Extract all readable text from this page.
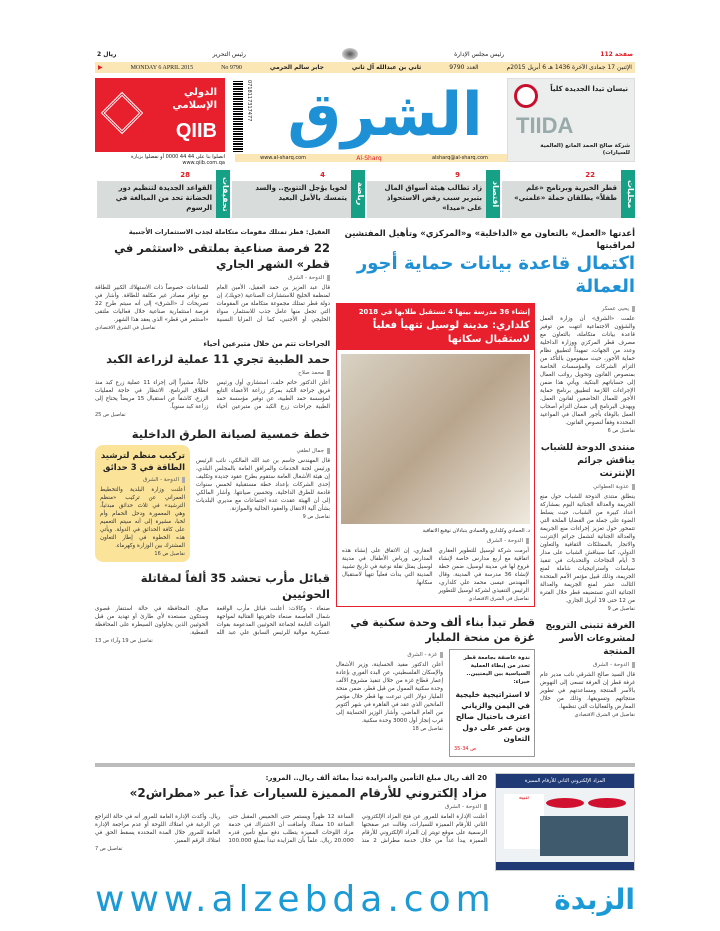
112 صفحة
رئيس مجلس الإدارة
رئيس التحرير
ريال 2
الإثنين 17 جمادى الآخرة 1436 هـ 6 أبريل 2015م
العدد 9790
ثاني بن عبدالله آل ثاني
جابر سالم الحرمي
No 9790
MONDAY 6 APRIL 2015
▶
الدولي الإسلامي
QIIB
اتصلوا بنا على 44 44 0000 أو تفضلوا بزيارة www.qiib.com.qa
07181173174​77 الشرق
www.al-sharq.com	Al-Sharq	alsharq@al-sharq.com
نيسان تيدا الجديدة كلياً
TIIDA
شركة صالح الحمد المانع (العالمية للسيارات)
22
محليات
قطر الخيرية وبرنامج «علم طفلاً» يطلقان حملة «علمني»
9
اقتصاد
زاد تطالب هيئة أسواق المال بتبرير سبب رفض الاستحواذ على «ميدا»
4
رياضة
لخويا يؤجل التتويج.. والسد يتمسك بالأمل البعيد
28
تحقيقات
القواعد الجديدة لتنظيم دور الحضانة تحد من المبالغة في الرسوم
أعدتها «العمل» بالتعاون مع «الداخلية» و«المركزي» وتأهيل المفتشين لمراقبتها
اكتمال قاعدة بيانات حماية أجور العمالة
يحيى عسكر

علمت «الشرق» أن وزارة العمل والشؤون الاجتماعية انتهت من توفير قاعدة بيانات متكاملة، بالتعاون مع مصرف قطر المركزي ووزارة الداخلية وعدد من الجهات، تمهيداً لتطبيق نظام حماية الأجور، حيث سيقومون بالتأكد من التزام الشركات والمؤسسات الخاصة بمنصوص القانون وتحويل رواتب العمال إلى حساباتهم البنكية. ويأتي هذا ضمن الإجراءات اللازمة لتطبيق برنامج حماية الأجور للعمال الخاضعين لقانون العمل، ويهدف البرنامج إلى ضمان التزام أصحاب العمل بالوفاء بأجور العمال في المواعيد المحددة وفقاً لنصوص القانون.

تفاصيل ص 6
منتدى الدوحة للشباب يناقش جرائم الإنترنت
عذوبة العطواني

ينطلق منتدى الدوحة للشباب حول منع الجريمة والعدالة الجنائية اليوم بمشاركة أعداد كبيرة من الشباب، حيث يسلط الضوء على جملة من القضايا الملحة التي تتمحور حول تعزيز إجراءات منع الجريمة والعدالة الجنائية لتشمل جرائم الإنترنت والاتجار بالممتلكات الثقافية والتعاون الدولي، كما سيناقش الشباب على مدار 3 أيام النجاحات والتحديات في تنفيذ سياسات واستراتيجيات شاملة لمنع الجريمة، وذلك قبيل مؤتمر الأمم المتحدة الثالث عشر لمنع الجريمة والعدالة الجنائية الذي تستضيفه قطر خلال الفترة من 12 حتى 19 أبريل الجاري.

تفاصيل ص 9
الغرفة تتبنى الترويج لمشروعات الأسر المنتجة
الدوحة - الشرق

قال السيد صالح الشرقي نائب مدير عام غرفة قطر إن الغرفة تسعى إلى النهوض بالأسر المنتجة ومساعدتهم في تطوير منتجاتهم وتسويقها، وذلك من خلال المعارض والفعاليات التي تنظمها.

تفاصيل في الشرق الاقتصادي
إنشاء 36 مدرسة بينها 4 تستقبل طلابها في 2018
كلداري: مدينة لوسيل تتهيأ فعلياً لاستقبال سكانها
د. الحمادي وكلداري والحمادي يتبادلان توقيع الاتفاقية
الدوحة - الشرق

أبرمت شركة لوسيل للتطوير العقاري اتفاقية مع أربع مدارس خاصة لإنشاء فروع لها في مدينة لوسيل، ضمن خطة لإنشاء 36 مدرسة في المدينة. وقال المهندس عيسى محمد علي كلداري، الرئيس التنفيذي لشركة لوسيل للتطوير العقاري، إن الاتفاق على إنشاء هذه المدارس ورياض الأطفال في مدينة لوسيل يمثل نقلة نوعية في تاريخ تشييد المدينة التي بدأت فعلياً تتهيأ لاستقبال سكانها.

تفاصيل في الشرق الاقتصادي
قطر تبدأ بناء ألف وحدة سكنية في غزة من منحة المليار
ندوة عاصفة بجامعة قطر تحذر من إبطاء العملية السياسية بين اليمنيين.. خبراء:
لا استراتيجية خليجية في اليمن والزياني اعترف باحتيال صالح وبن عمر على دول التعاون
ص 34-35
غزة - الشرق

أعلن الدكتور مفيد الحساينة، وزير الأشغال والإسكان الفلسطيني، عن البدء الفوري بإعادة إعمار قطاع غزة من خلال تنفيذ مشروع الألف وحدة سكنية الممول من قبل قطر، ضمن منحة المليار دولار التي تبرعت بها قطر خلال مؤتمر المانحين الذي عقد في القاهرة في شهر أكتوبر من العام الماضي. وأشار الوزير الحساينة إلى قرب إنجاز أول 3000 وحدة سكنية.

تفاصيل ص 18
العقيل: قطر تمتلك مقومات متكاملة لجذب الاستثمارات الأجنبية
22 فرصة صناعية بملتقى «استثمر في قطر» الشهر الجاري
الدوحة - الشرق

قال عبد العزيز بن حمد العقيل، الأمين العام لمنظمة الخليج للاستشارات الصناعية (جويك)، إن دولة قطر تمتلك مجموعة متكاملة من المقومات التي تجعل منها عامل جذب للاستثمار، سواء الخليجي أو الأجنبي، كما أن المزايا النسبية للصناعات خصوصاً ذات الاستهلاك الكبير للطاقة مع توافر مصادر غير مكلفة للطاقة. وأشار في تصريحات لـ «الشرق» إلى أنه سيتم طرح 22 فرصة استثمارية صناعية خلال فعاليات ملتقى «استثمر في قطر» الذي يعقد هذا الشهر.

تفاصيل في الشرق الاقتصادي
الجراحات تتم من خلال متبرعين أحياء
حمد الطبية تجري 11 عملية لزراعة الكبد
محمد صلاح

أعلن الدكتور حاتم خلف، استشاري أول ورئيس فريق جراحة الكبد بمركز زراعة الأعضاء التابع لمؤسسة حمد الطبية، عن توفير مؤسسة حمد الطبية جراحات زرع الكبد من متبرعين أحياء حالياً، مشيراً إلى إجراء 11 عملية زرع كبد منذ انطلاق البرنامج. الانتظار في حاجة لعمليات الزرع، كاشفاً عن استقبال 15 مريضاً يحتاج إلى زراعة كبد سنوياً.

تفاصيل ص 25
خطة خمسية لصيانة الطرق الداخلية
جمال لطفي

قال المهندس جاسم بن عبد الله المالكي، نائب الرئيس ورئيس لجنة الخدمات والمرافق العامة بالمجلس البلدي، إن هيئة الأشغال العامة ستقوم بطرح عقود جديدة وتكليف إحدى الشركات بإعداد خطة مستقبلية لخمس سنوات قادمة للطرق الداخلية، وتحسين صيانتها. وأشار المالكي إلى أن الهيئة عقدت عدة اجتماعات مع مديري البلديات بشأن آلية الانتقال والعقود الحالية والموازنة.

تفاصيل ص 9
تركيب منظم لترشيد الطاقة في 3 حدائق
الدوحة - الشرق

أعلنت وزارة البلدية والتخطيط العمراني عن تركيب «منظم الترشيد» في ثلاث حدائق مبدئياً، وهي المعمورة ودحل الحمام وأم لخبا، مشيرة إلى أنه سيتم التعميم على كافة الحدائق في الدولة. ويأتي هذه الخطوة في إطار التعاون المشترك بين الوزارة وكهرماء.

تفاصيل ص 16
قبائل مأرب تحشد 35 ألفاً لمقاتلة الحوثيين

صنعاء - وكالات: أعلنت قبائل مأرب الواقعة شمال العاصمة صنعاء جاهزيتها القتالية لمواجهة القوات التابعة لجماعة الحوثيين المدعومة بقوات عسكرية موالية للرئيس السابق علي عبد الله صالح. المحافظة في حالة استنفار قصوى وستكون مستعدة لأي طارئ أو تهديد من قبل الحوثيين الذين يحاولون السيطرة على المحافظة النفطية.

تفاصيل ص 19 وآراء ص 13
المزاد الإلكتروني الثاني للأرقام المميزة
تنبيه
20 ألف ريال مبلغ التأمين والمزايدة تبدأ بمائة ألف ريال.. المرور:
مزاد إلكتروني للأرقام المميزة للسيارات غداً عبر «مطراش2»
الدوحة - الشرق

أعلنت الإدارة العامة للمرور عن فتح المزاد الإلكتروني الثاني للأرقام المميزة للسيارات، وقالت عبر صفحتها الرسمية على موقع تويتر إن المزاد الإلكتروني للأرقام المميزة يبدأ غداً من خلال خدمة مطراش 2 منذ الساعة 12 ظهراً ويستمر حتى الخميس المقبل حتى الساعة 10 مساءً. وأضافت أن الاشتراك في خدمة مزاد اللوحات المميزة يتطلب دفع مبلغ تأمين قدره 20.000 ريال، علماً بأن المزايدة تبدأ بمبلغ 100.000 ريال. وأكدت الإدارة العامة للمرور أنه في حالة التراجع عن الرغبة في امتلاك اللوحة أو عدم مراجعة الإدارة العامة للمرور خلال المدة المحددة يسقط الحق في امتلاك الرقم المميز.

تفاصيل ص 7
www.alzebda.com الزبدة
